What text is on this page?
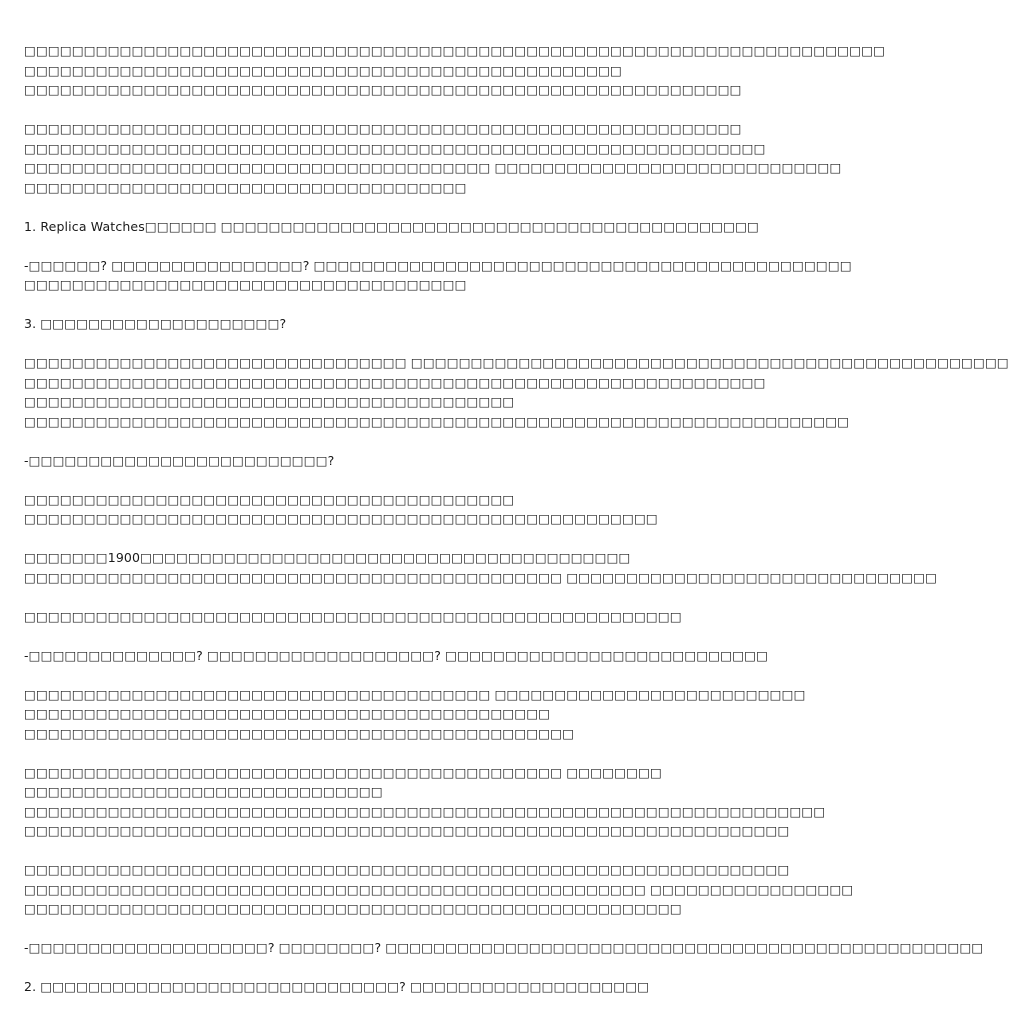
□□□□□□□□□□□□□□□□□□□□□□□□□□□□□□□□□□□□□□□□□□□□□□□□□□□□□□□□□□□□□□□□□□□□□□□□
□□□□□□□□□□□□□□□□□□□□□□□□□□□□□□□□□□□□□□□□□□□□□□□□□□
□□□□□□□□□□□□□□□□□□□□□□□□□□□□□□□□□□□□□□□□□□□□□□□□□□□□□□□□□□□□
□□□□□□□□□□□□□□□□□□□□□□□□□□□□□□□□□□□□□□□□□□□□□□□□□□□□□□□□□□□□
□□□□□□□□□□□□□□□□□□□□□□□□□□□□□□□□□□□□□□□□□□□□□□□□□□□□□□□□□□□□□□
□□□□□□□□□□□□□□□□□□□□□□□□□□□□□□□□□□□□□□□ □□□□□□□□□□□□□□□□□□□□□□□□□□□□□
□□□□□□□□□□□□□□□□□□□□□□□□□□□□□□□□□□□□□
1. Replica Watches□□□□□□ □□□□□□□□□□□□□□□□□□□□□□□□□□□□□□□□□□□□□□□□□□□□□
-□□□□□□? □□□□□□□□□□□□□□□□? □□□□□□□□□□□□□□□□□□□□□□□□□□□□□□□□□□□□□□□□□□□□□
□□□□□□□□□□□□□□□□□□□□□□□□□□□□□□□□□□□□□
3. □□□□□□□□□□□□□□□□□□□□?
□□□□□□□□□□□□□□□□□□□□□□□□□□□□□□□□ □□□□□□□□□□□□□□□□□□□□□□□□□□□□□□□□□□□□□□□□□□□□□□□□□□
□□□□□□□□□□□□□□□□□□□□□□□□□□□□□□□□□□□□□□□□□□□□□□□□□□□□□□□□□□□□□□
□□□□□□□□□□□□□□□□□□□□□□□□□□□□□□□□□□□□□□□□□
□□□□□□□□□□□□□□□□□□□□□□□□□□□□□□□□□□□□□□□□□□□□□□□□□□□□□□□□□□□□□□□□□□□□□
-□□□□□□□□□□□□□□□□□□□□□□□□□?
□□□□□□□□□□□□□□□□□□□□□□□□□□□□□□□□□□□□□□□□□
□□□□□□□□□□□□□□□□□□□□□□□□□□□□□□□□□□□□□□□□□□□□□□□□□□□□□
□□□□□□□1900□□□□□□□□□□□□□□□□□□□□□□□□□□□□□□□□□□□□□□□□□
□□□□□□□□□□□□□□□□□□□□□□□□□□□□□□□□□□□□□□□□□□□□□ □□□□□□□□□□□□□□□□□□□□□□□□□□□□□□□
□□□□□□□□□□□□□□□□□□□□□□□□□□□□□□□□□□□□□□□□□□□□□□□□□□□□□□□
-□□□□□□□□□□□□□□? □□□□□□□□□□□□□□□□□□□? □□□□□□□□□□□□□□□□□□□□□□□□□□□
□□□□□□□□□□□□□□□□□□□□□□□□□□□□□□□□□□□□□□□ □□□□□□□□□□□□□□□□□□□□□□□□□□
□□□□□□□□□□□□□□□□□□□□□□□□□□□□□□□□□□□□□□□□□□□□
□□□□□□□□□□□□□□□□□□□□□□□□□□□□□□□□□□□□□□□□□□□□□□
□□□□□□□□□□□□□□□□□□□□□□□□□□□□□□□□□□□□□□□□□□□□□ □□□□□□□□
□□□□□□□□□□□□□□□□□□□□□□□□□□□□□□
□□□□□□□□□□□□□□□□□□□□□□□□□□□□□□□□□□□□□□□□□□□□□□□□□□□□□□□□□□□□□□□□□□□
□□□□□□□□□□□□□□□□□□□□□□□□□□□□□□□□□□□□□□□□□□□□□□□□□□□□□□□□□□□□□□□□
□□□□□□□□□□□□□□□□□□□□□□□□□□□□□□□□□□□□□□□□□□□□□□□□□□□□□□□□□□□□□□□□
□□□□□□□□□□□□□□□□□□□□□□□□□□□□□□□□□□□□□□□□□□□□□□□□□□□□ □□□□□□□□□□□□□□□□□
□□□□□□□□□□□□□□□□□□□□□□□□□□□□□□□□□□□□□□□□□□□□□□□□□□□□□□□
-□□□□□□□□□□□□□□□□□□□□? □□□□□□□□? □□□□□□□□□□□□□□□□□□□□□□□□□□□□□□□□□□□□□□□□□□□□□□□□□□
2. □□□□□□□□□□□□□□□□□□□□□□□□□□□□□□? □□□□□□□□□□□□□□□□□□□□
